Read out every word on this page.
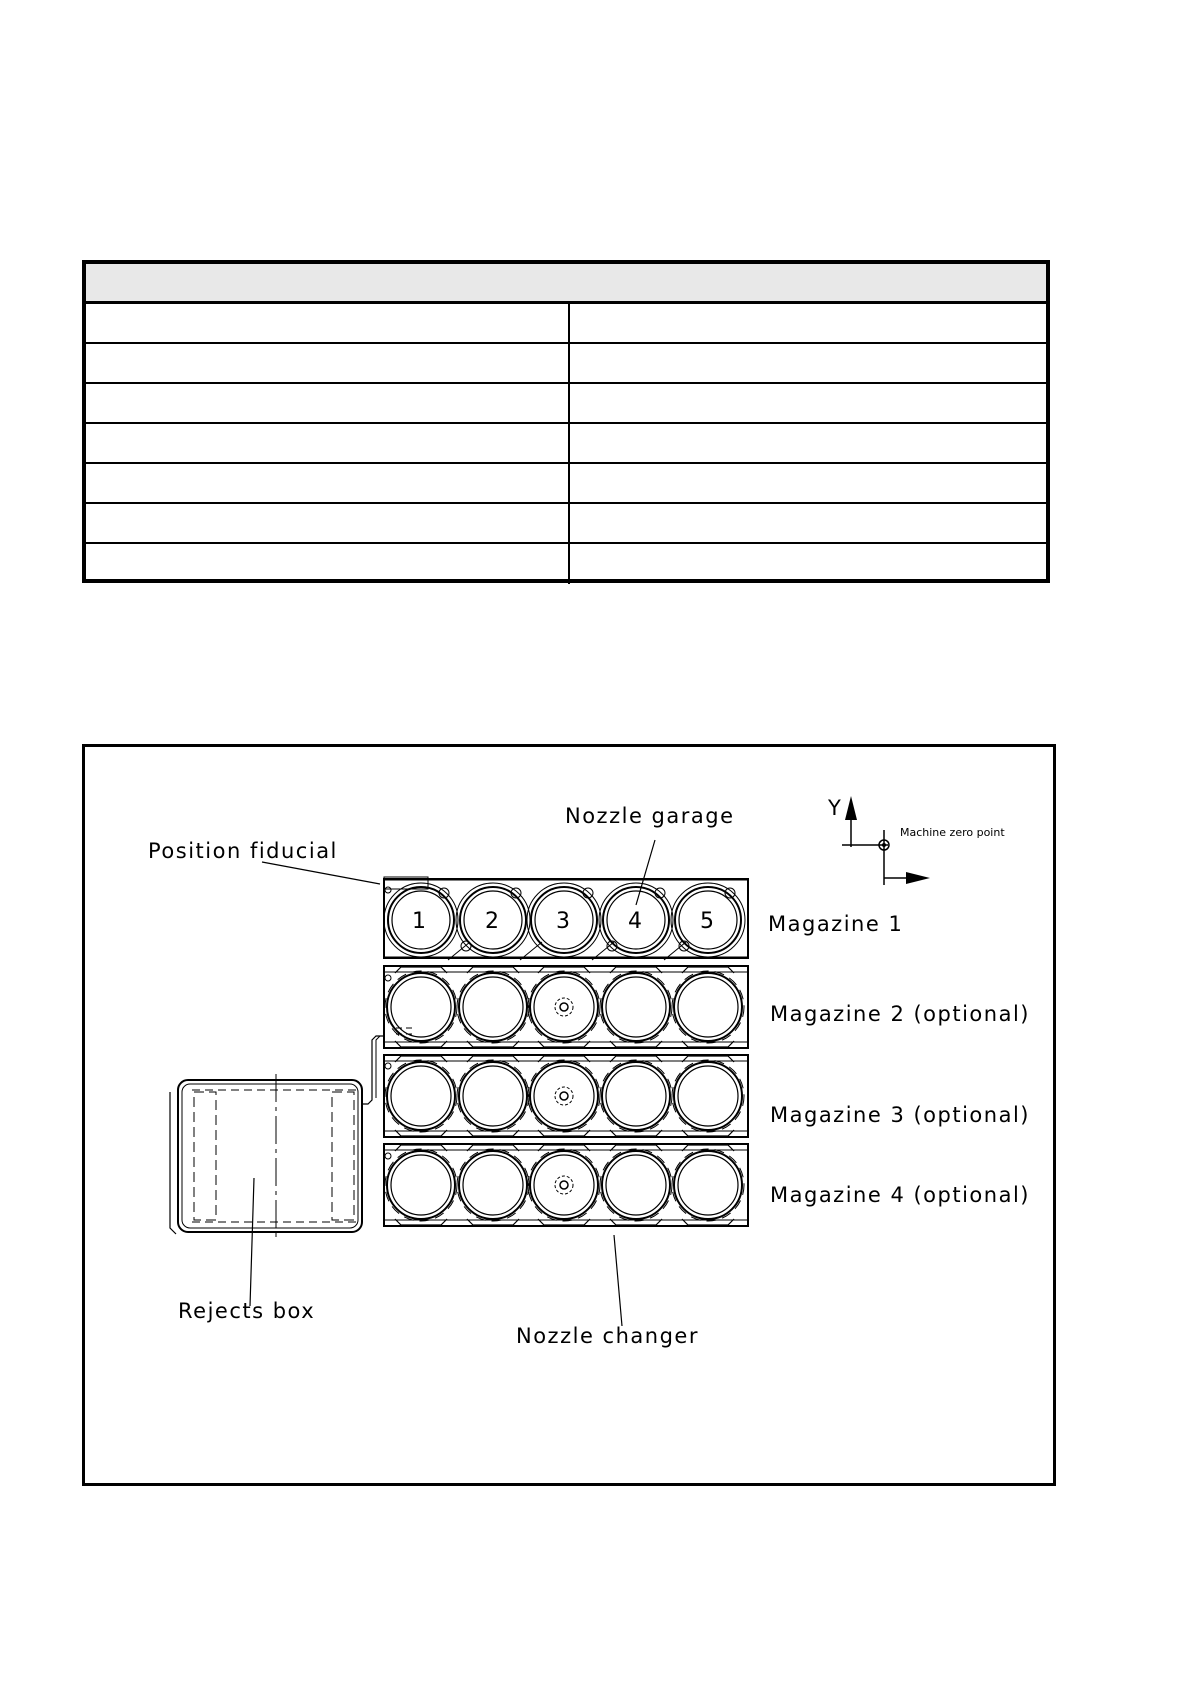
Y
Machine zero point
1	2	3	4	5
Nozzle garage
Position fiducial
Magazine 1
Magazine 2 (optional)
Magazine 3 (optional)
Magazine 4 (optional)
Rejects box
Nozzle changer
